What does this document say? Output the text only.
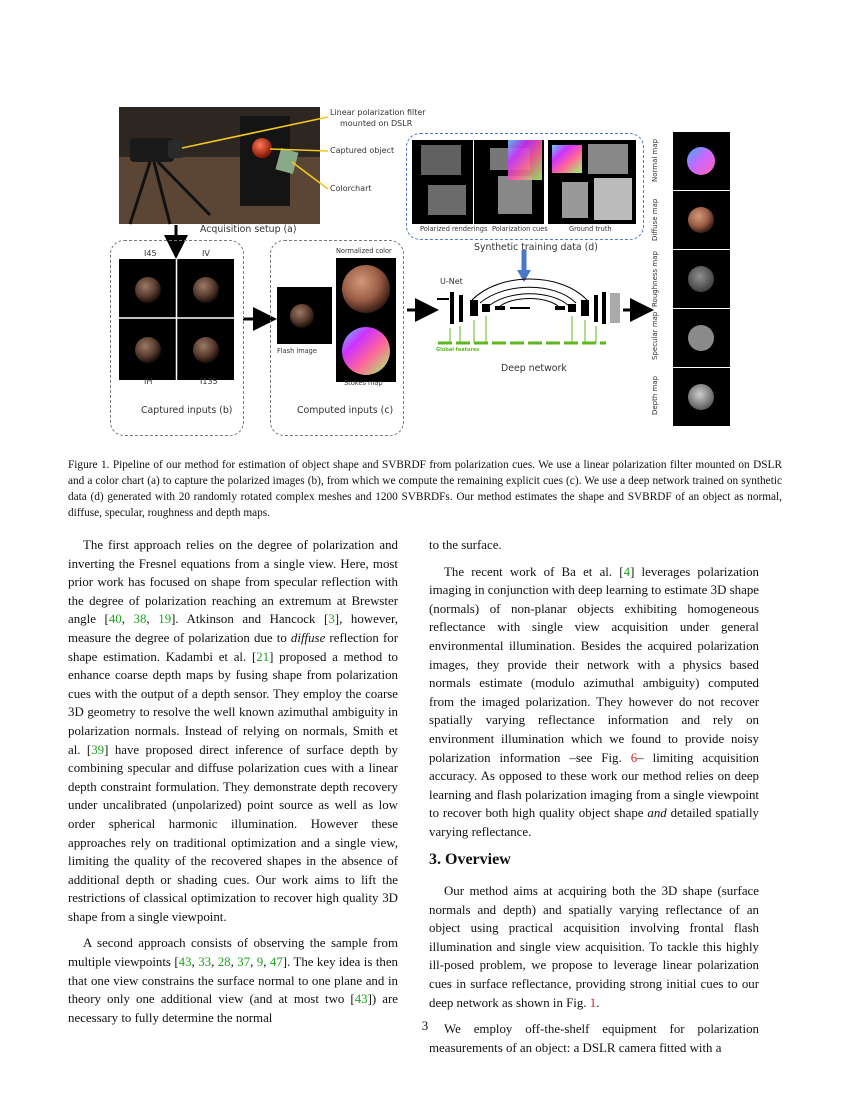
Linear polarization filter
mounted on DSLR
Captured object
Colorchart
Acquisition setup (a)
I45	IV
IH	I135
Captured inputs (b)
Normalized color
Flash image
Stokes map
Computed inputs (c)
Polarized renderings Polarization cues	Ground truth
Synthetic training data (d)
U-Net
Global features
Deep network
Normal map
Diffuse map
Roughness map
Specular map
Depth map
Figure 1. Pipeline of our method for estimation of object shape and SVBRDF from polarization cues. We use a linear polarization filter mounted on DSLR and a color chart (a) to capture the polarized images (b), from which we compute the remaining explicit cues (c). We use a deep network trained on synthetic data (d) generated with 20 randomly rotated complex meshes and 1200 SVBRDFs. Our method estimates the shape and SVBRDF of an object as normal, diffuse, specular, roughness and depth maps.

The first approach relies on the degree of polarization and inverting the Fresnel equations from a single view. Here, most prior work has focused on shape from specular reflection with the degree of polarization reaching an extremum at Brewster angle [40, 38, 19]. Atkinson and Hancock [3], however, measure the degree of polarization due to diffuse reflection for shape estimation. Kadambi et al. [21] proposed a method to enhance coarse depth maps by fusing shape from polarization cues with the output of a depth sensor. They employ the coarse 3D geometry to resolve the well known azimuthal ambiguity in polarization normals. Instead of relying on normals, Smith et al. [39] have proposed direct inference of surface depth by combining specular and diffuse polarization cues with a linear depth constraint formulation. They demonstrate depth recovery under uncalibrated (unpolarized) point source as well as low order spherical harmonic illumination. However these approaches rely on traditional optimization and a single view, limiting the quality of the recovered shapes in the absence of additional depth or shading cues. Our work aims to lift the restrictions of classical optimization to recover high quality 3D shape from a single viewpoint.

A second approach consists of observing the sample from multiple viewpoints [43, 33, 28, 37, 9, 47]. The key idea is then that one view constrains the surface normal to one plane and in theory only one additional view (and at most two [43]) are necessary to fully determine the normal

to the surface.

The recent work of Ba et al. [4] leverages polarization imaging in conjunction with deep learning to estimate 3D shape (normals) of non-planar objects exhibiting homogeneous reflectance with single view acquisition under general environmental illumination. Besides the acquired polarization images, they provide their network with a physics based normals estimate (modulo azimuthal ambiguity) computed from the imaged polarization. They however do not recover spatially varying reflectance information and rely on environment illumination which we found to provide noisy polarization information –see Fig. 6– limiting acquisition accuracy. As opposed to these work our method relies on deep learning and flash polarization imaging from a single viewpoint to recover both high quality object shape and detailed spatially varying reflectance.

3. Overview

Our method aims at acquiring both the 3D shape (surface normals and depth) and spatially varying reflectance of an object using practical acquisition involving frontal flash illumination and single view acquisition. To tackle this highly ill-posed problem, we propose to leverage linear polarization cues in surface reflectance, providing strong initial cues to our deep network as shown in Fig. 1.

We employ off-the-shelf equipment for polarization measurements of an object: a DSLR camera fitted with a

3
